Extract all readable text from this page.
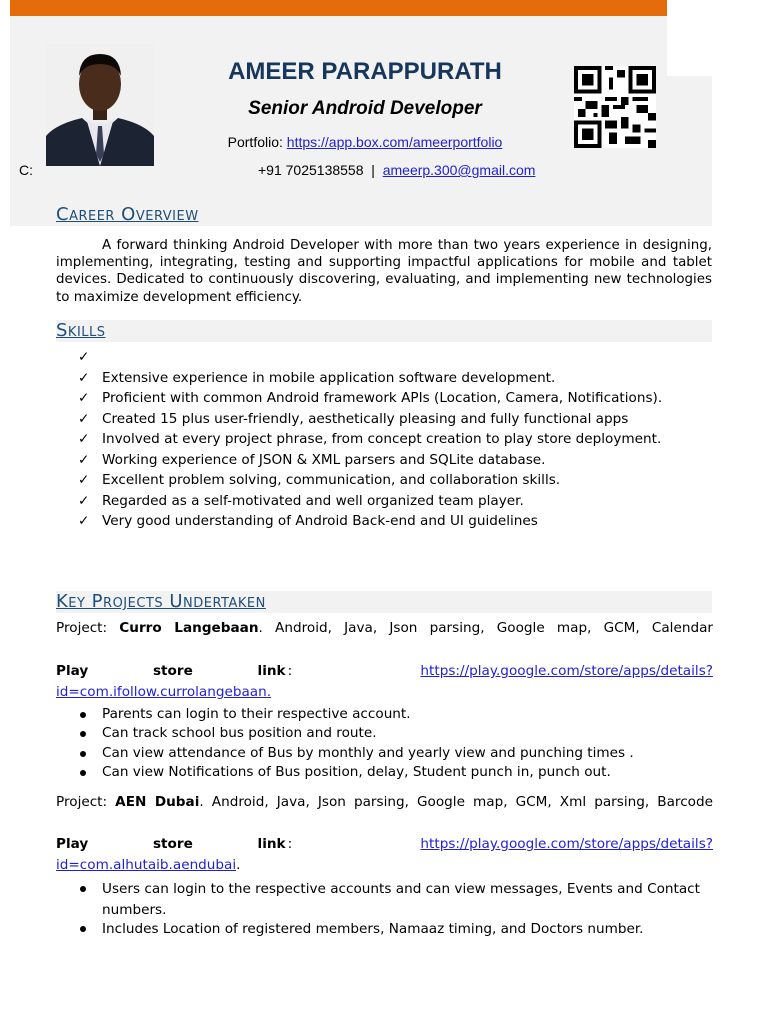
AMEER PARAPPURATH
Senior Android Developer
Portfolio: https://app.box.com/ameerportfolio
C:	+91 7025138558 | ameerp.300@gmail.com
Career Overview
A forward thinking Android Developer with more than two years experience in designing, implementing, integrating, testing and supporting impactful applications for mobile and tablet devices. Dedicated to continuously discovering, evaluating, and implementing new technologies to maximize development efficiency.
Skills
✓

✓ Extensive experience in mobile application software development.
✓ Proficient with common Android framework APIs (Location, Camera, Notifications).
✓ Created 15 plus user-friendly, aesthetically pleasing and fully functional apps
✓ Involved at every project phrase, from concept creation to play store deployment.
✓ Working experience of JSON & XML parsers and SQLite database.
✓ Excellent problem solving, communication, and collaboration skills.
✓ Regarded as a self-motivated and well organized team player.
✓ Very good understanding of Android Back-end and UI guidelines
Key Projects Undertaken
Project: Curro Langebaan. Android, Java, Json parsing, Google map, GCM, Calendar
Play store link :	https://play.google.com/store/apps/details?
id=com.ifollow.currolangebaan.
Parents can login to their respective account.
Can track school bus position and route.
Can view attendance of Bus by monthly and yearly view and punching times .
Can view Notifications of Bus position, delay, Student punch in, punch out.
Project: AEN Dubai. Android, Java, Json parsing, Google map, GCM, Xml parsing, Barcode
Play store link :	https://play.google.com/store/apps/details?
id=com.alhutaib.aendubai.
Users can login to the respective accounts and can view messages, Events and Contact numbers.
Includes Location of registered members, Namaaz timing, and Doctors number.
